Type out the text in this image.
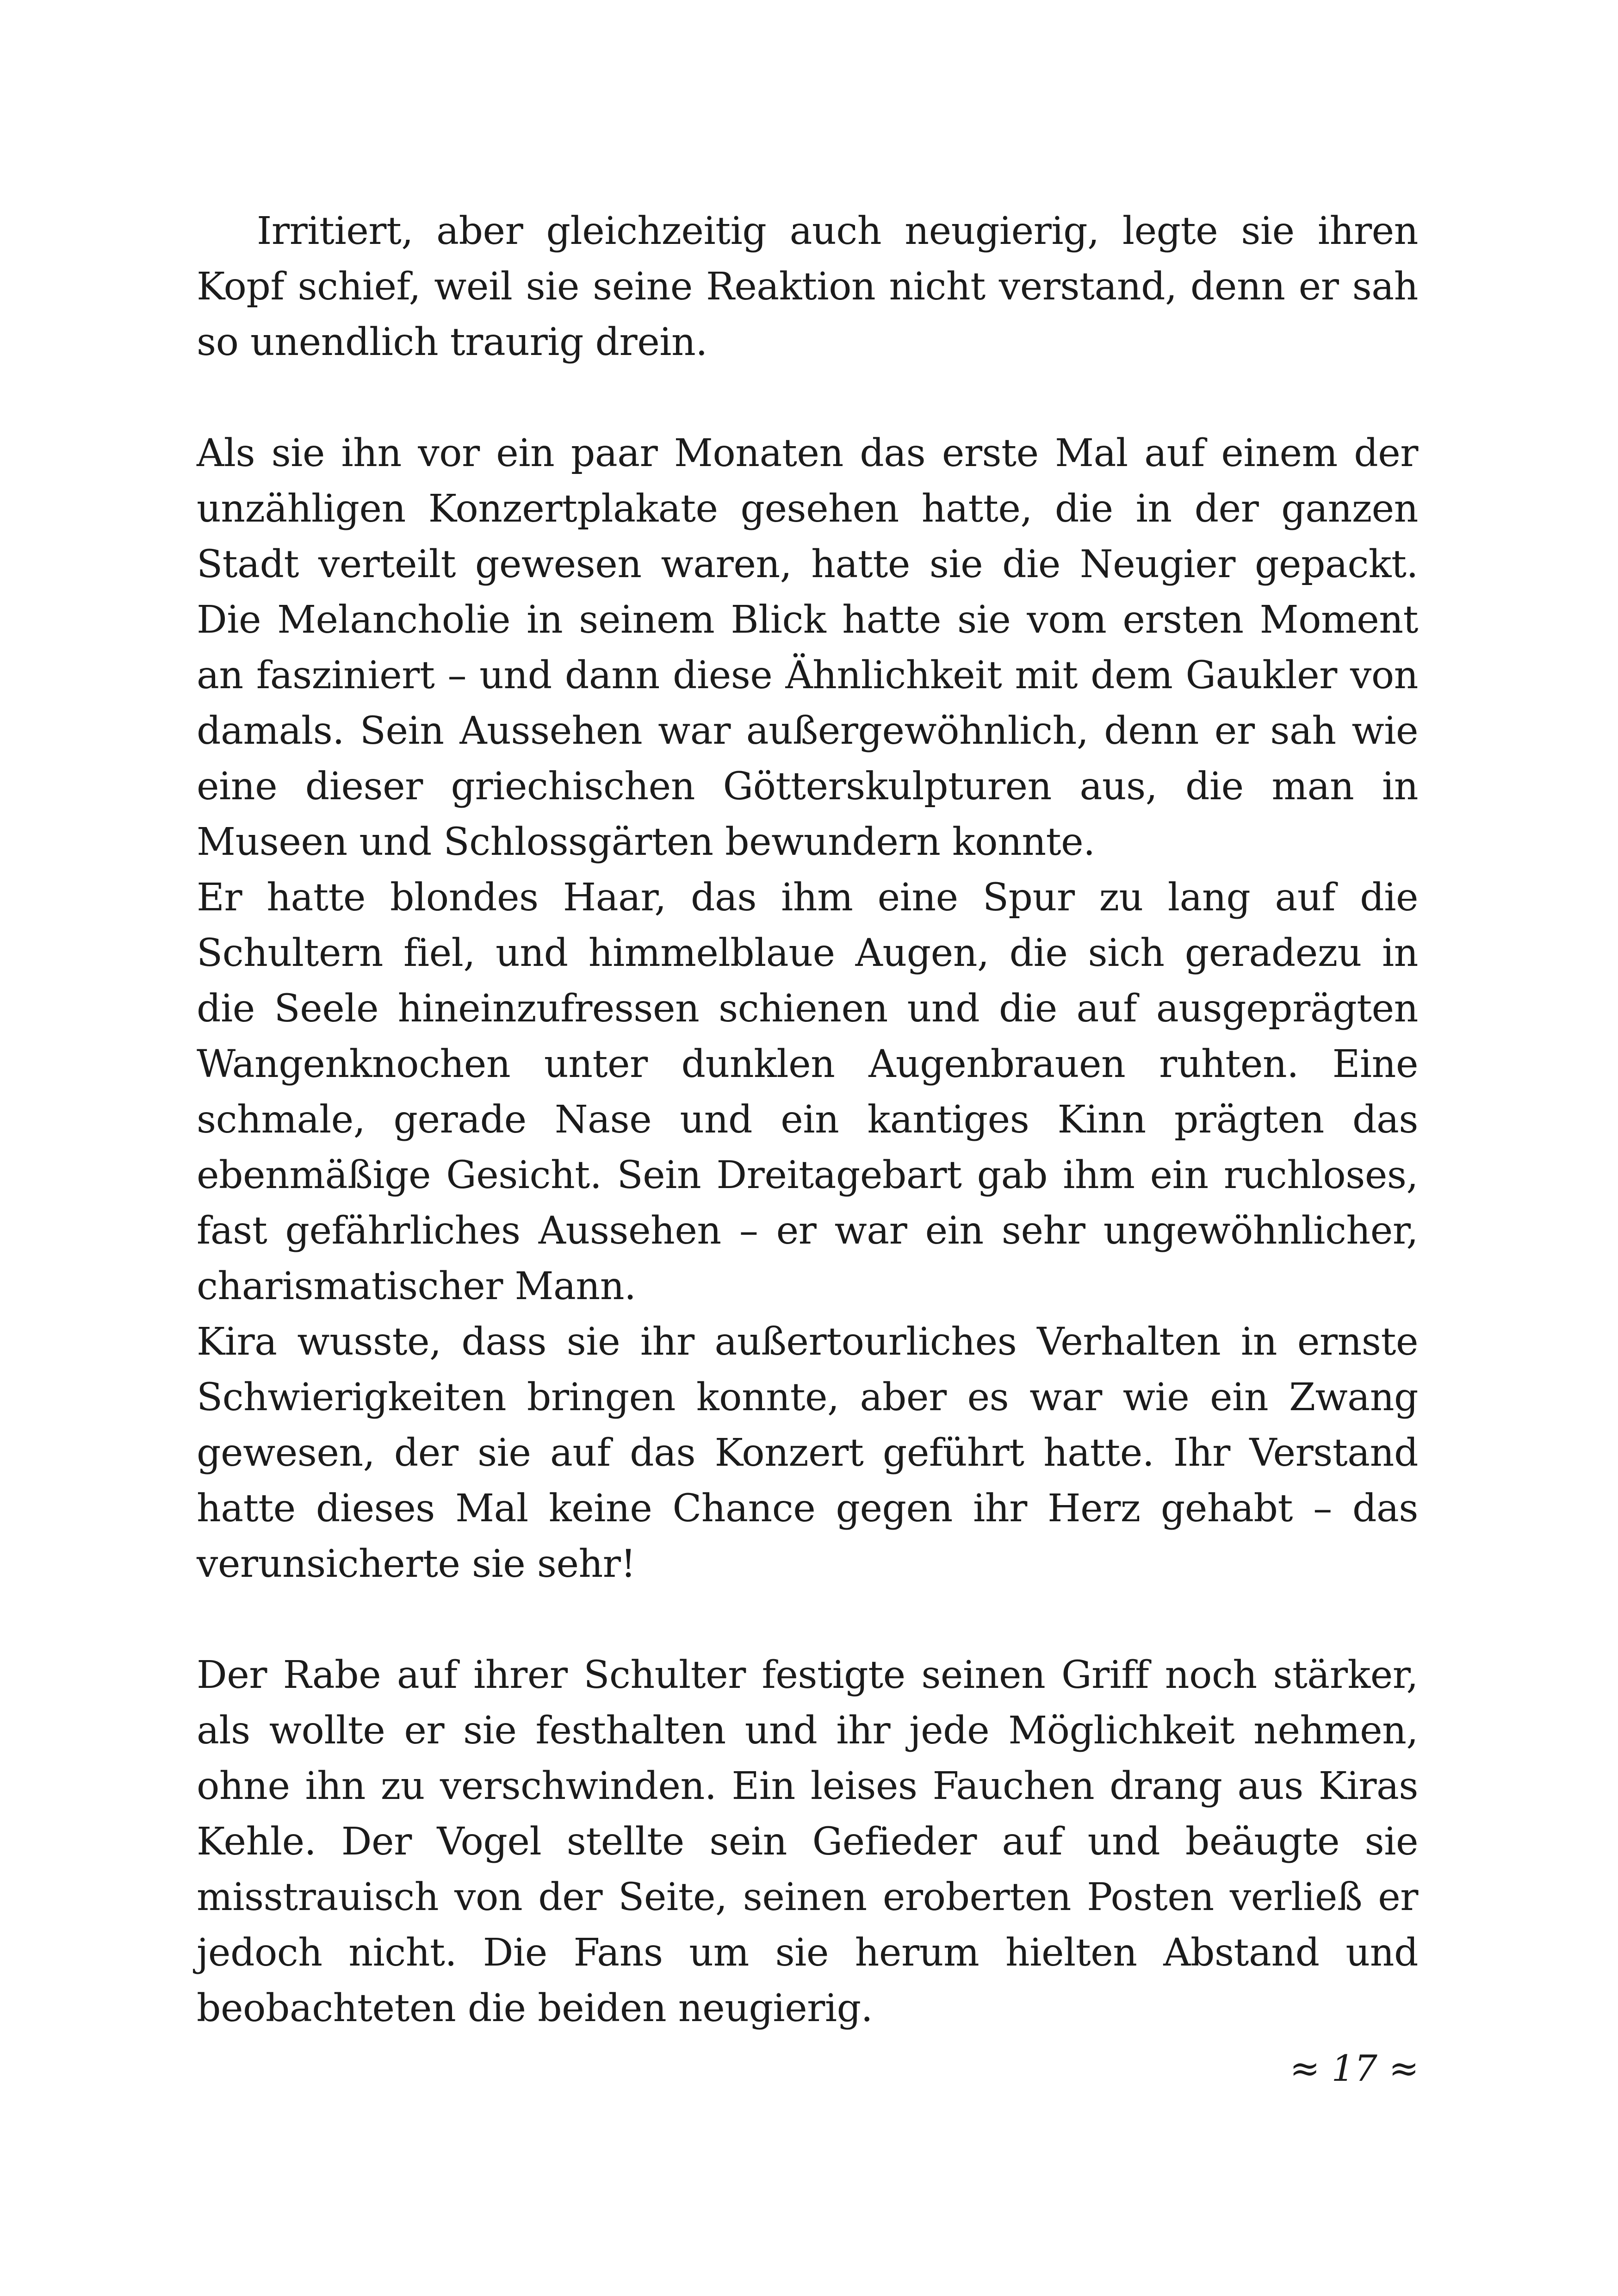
Irritiert, aber gleichzeitig auch neugierig, legte sie ihren Kopf schief, weil sie seine Reaktion nicht verstand, denn er sah so unendlich traurig drein.

Als sie ihn vor ein paar Monaten das erste Mal auf einem der unzähligen Konzertplakate gesehen hatte, die in der ganzen Stadt verteilt gewesen waren, hatte sie die Neugier gepackt. Die Melancholie in seinem Blick hatte sie vom ersten Moment an fasziniert – und dann diese Ähnlichkeit mit dem Gaukler von damals. Sein Aussehen war außergewöhnlich, denn er sah wie eine dieser griechischen Götterskulpturen aus, die man in Museen und Schlossgärten bewundern konnte.

Er hatte blondes Haar, das ihm eine Spur zu lang auf die Schultern fiel, und himmelblaue Augen, die sich geradezu in die Seele hineinzufressen schienen und die auf ausgeprägten Wangenknochen unter dunklen Augenbrauen ruhten. Eine schmale, gerade Nase und ein kantiges Kinn prägten das ebenmäßige Gesicht. Sein Dreitagebart gab ihm ein ruchloses, fast gefährliches Aussehen – er war ein sehr ungewöhnlicher, charismatischer Mann.

Kira wusste, dass sie ihr außertourliches Verhalten in ernste Schwierigkeiten bringen konnte, aber es war wie ein Zwang gewesen, der sie auf das Konzert geführt hatte. Ihr Verstand hatte dieses Mal keine Chance gegen ihr Herz gehabt – das verunsicherte sie sehr!

Der Rabe auf ihrer Schulter festigte seinen Griff noch stärker, als wollte er sie festhalten und ihr jede Möglichkeit nehmen, ohne ihn zu verschwinden. Ein leises Fauchen drang aus Kiras Kehle. Der Vogel stellte sein Gefieder auf und beäugte sie misstrauisch von der Seite, seinen eroberten Posten verließ er jedoch nicht. Die Fans um sie herum hielten Abstand und beobachteten die beiden neugierig.

≈ 17 ≈
